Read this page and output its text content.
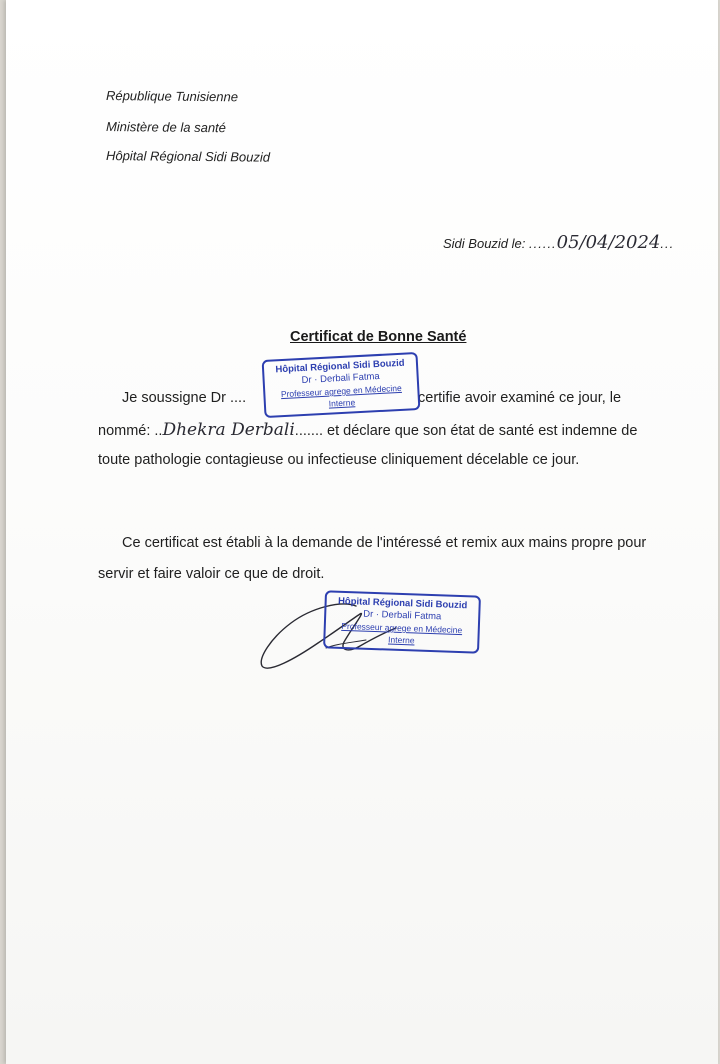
République Tunisienne
Ministère de la santé
Hôpital Régional Sidi Bouzid
Sidi Bouzid le: ......05/04/2024...
Certificat de Bonne Santé
Je soussigne Dr ....	certifie avoir examiné ce jour, le
Hôpital Régional Sidi Bouzid
Dr · Derbali Fatma
Professeur agrege en Médecine Interne
nommé: ..Dhekra Derbali....... et déclare que son état de santé est indemne de
toute pathologie contagieuse ou infectieuse cliniquement décelable ce jour.
Ce certificat est établi à la demande de l'intéressé et remix aux mains propre pour
servir et faire valoir ce que de droit.
Hôpital Régional Sidi Bouzid
Dr · Derbali Fatma
Professeur agrege en Médecine Interne
